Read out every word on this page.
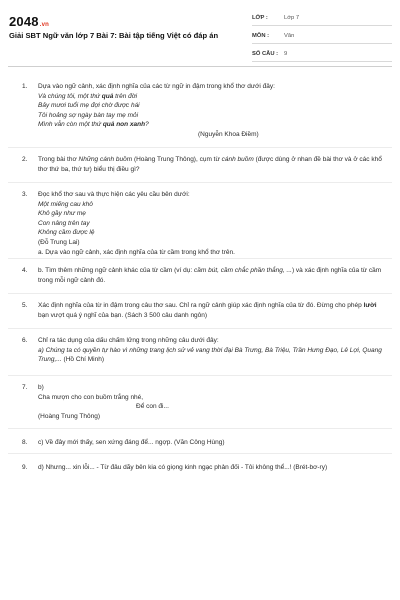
2048.vn
Giải SBT Ngữ văn lớp 7 Bài 7: Bài tập tiếng Việt có đáp án
LỚP :	Lớp 7
MÔN :	Văn
SỐ CÂU : 9
1.	Dựa vào ngữ cảnh, xác định nghĩa của các từ ngữ in đậm trong khổ thơ dưới đây:
Và chúng tôi, một thứ quả trên đời
Bảy mươi tuổi mẹ đợi chờ được hái
Tôi hoảng sợ ngày bàn tay mẹ mỏi
Mình vẫn còn một thứ quả non xanh?
(Nguyễn Khoa Điềm)
2.	Trong bài thơ Những cánh buồm (Hoàng Trung Thông), cụm từ cánh buồm (được dùng ở nhan đề bài thơ và ở các khổ thơ thứ ba, thứ tư) biểu thị điều gì?
3.	Đọc khổ thơ sau và thực hiện các yêu cầu bên dưới:
Một miếng cau khô
Khô gầy như mẹ
Con nâng trên tay
Không cầm được lệ
(Đỗ Trung Lai)
a. Dựa vào ngữ cảnh, xác định nghĩa của từ cầm trong khổ thơ trên.
4.	b. Tìm thêm những ngữ cảnh khác của từ cầm (ví dụ: cầm bút, cầm chắc phần thắng, ...) và xác định nghĩa của từ cầm trong mỗi ngữ cảnh đó.
5.	Xác định nghĩa của từ in đậm trong câu thơ sau. Chỉ ra ngữ cảnh giúp xác định nghĩa của từ đó. Đừng cho phép lười bạn vượt quá ý nghĩ của bạn. (Sách 3 500 câu danh ngôn)
6.	Chỉ ra tác dụng của dấu chấm lửng trong những câu dưới đây:
a) Chúng ta có quyền tự hào vì những trang lịch sử vẻ vang thời đại Bà Trưng, Bà Triệu, Trần Hưng Đạo, Lê Lợi, Quang Trung,... (Hồ Chí Minh)
7.	b)
Cha mượn cho con buồm trắng nhé,
Để con đi...
(Hoàng Trung Thông)
8.	c) Về đây mới thấy, sen xứng đáng để... ngợp. (Văn Công Hùng)
9.	d) Nhưng... xin lỗi... - Từ đâu dãy bên kia có giọng kinh ngạc phản đối - Tôi không thể...! (Brét-bơ-ry)
